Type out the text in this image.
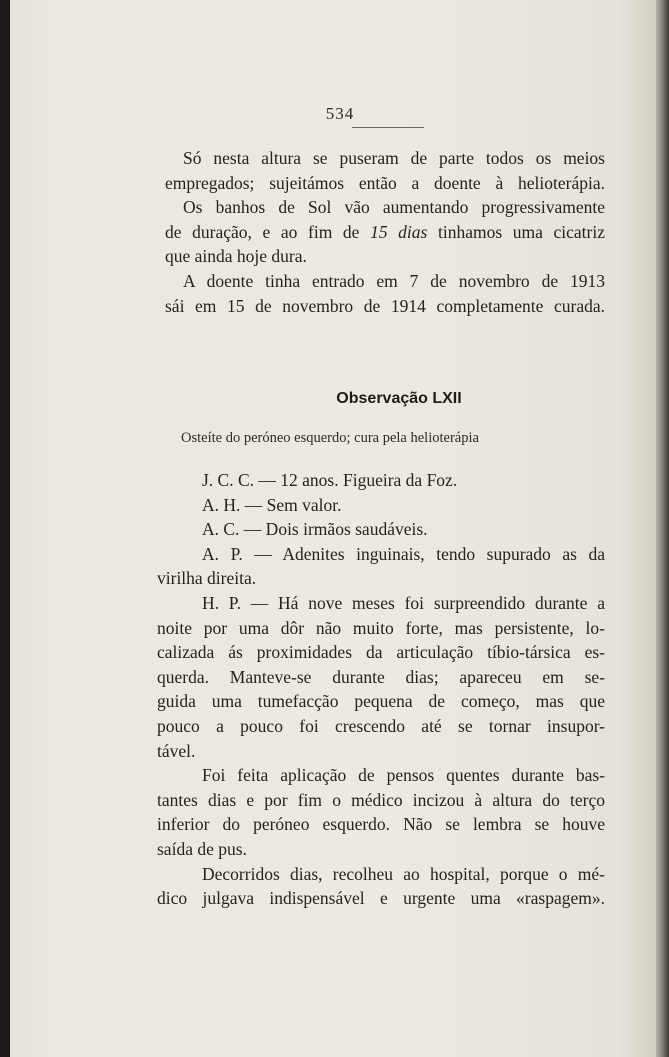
534
Só nesta altura se puseram de parte todos os meios
empregados; sujeitámos então a doente à helioterápia.
Os banhos de Sol vão aumentando progressivamente
de duração, e ao fim de 15 dias tinhamos uma cicatriz
que ainda hoje dura.
A doente tinha entrado em 7 de novembro de 1913
sái em 15 de novembro de 1914 completamente curada.
Observação LXII
Osteíte do peróneo esquerdo; cura pela helioterápia
J. C. C. — 12 anos. Figueira da Foz.
A. H. — Sem valor.
A. C. — Dois irmãos saudáveis.
A. P. — Adenites inguinais, tendo supurado as da
virilha direita.
H. P. — Há nove meses foi surpreendido durante a
noite por uma dôr não muito forte, mas persistente, lo-
calizada ás proximidades da articulação tíbio-társica es-
querda. Manteve-se durante dias; apareceu em se-
guida uma tumefacção pequena de começo, mas que
pouco a pouco foi crescendo até se tornar insupor-
tável.
Foi feita aplicação de pensos quentes durante bas-
tantes dias e por fim o médico incizou à altura do terço
inferior do peróneo esquerdo. Não se lembra se houve
saída de pus.
Decorridos dias, recolheu ao hospital, porque o mé-
dico julgava indispensável e urgente uma «raspagem».
